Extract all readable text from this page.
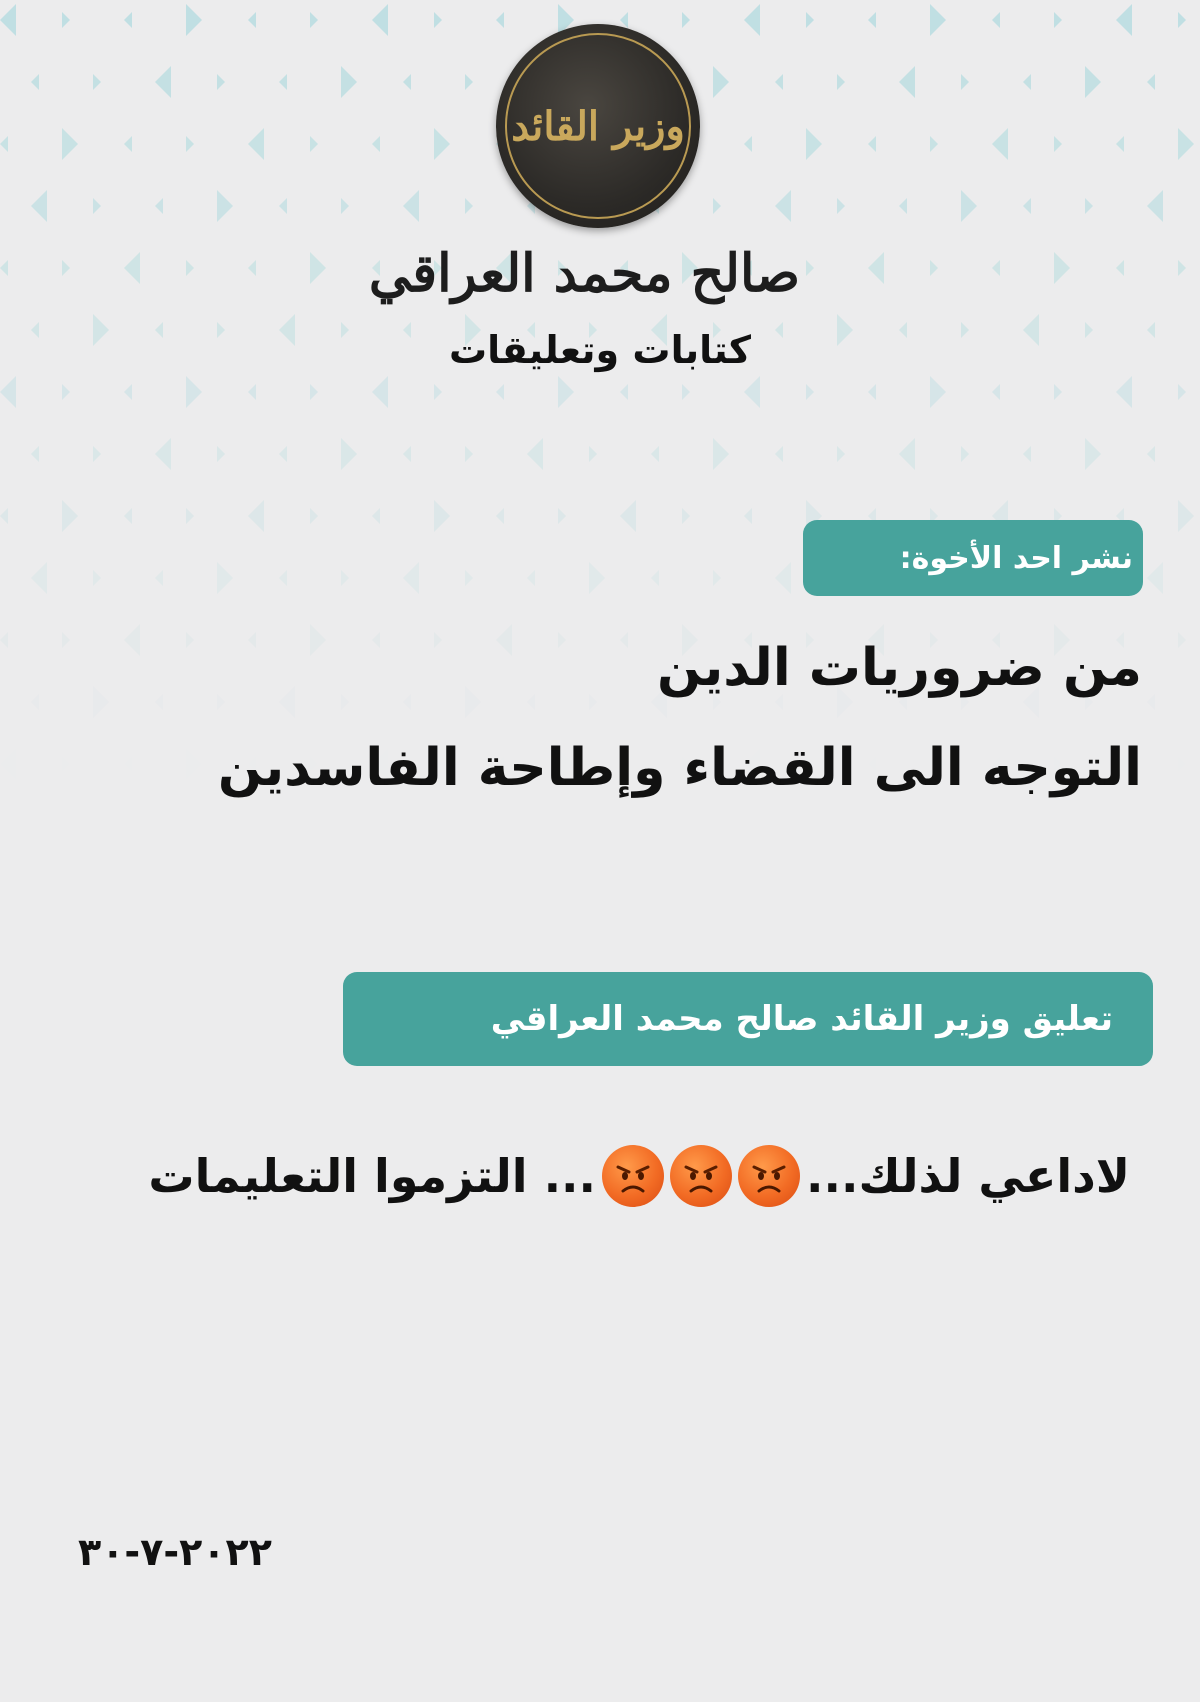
وزير القائد
صالح محمد العراقي
كتابات وتعليقات
نشر احد الأخوة:
من ضروريات الدين
التوجه الى القضاء وإطاحة الفاسدين
تعليق وزير القائد صالح محمد العراقي
لاداعي لذلك...
... التزموا التعليمات
٢٠٢٢-٧-٣٠
